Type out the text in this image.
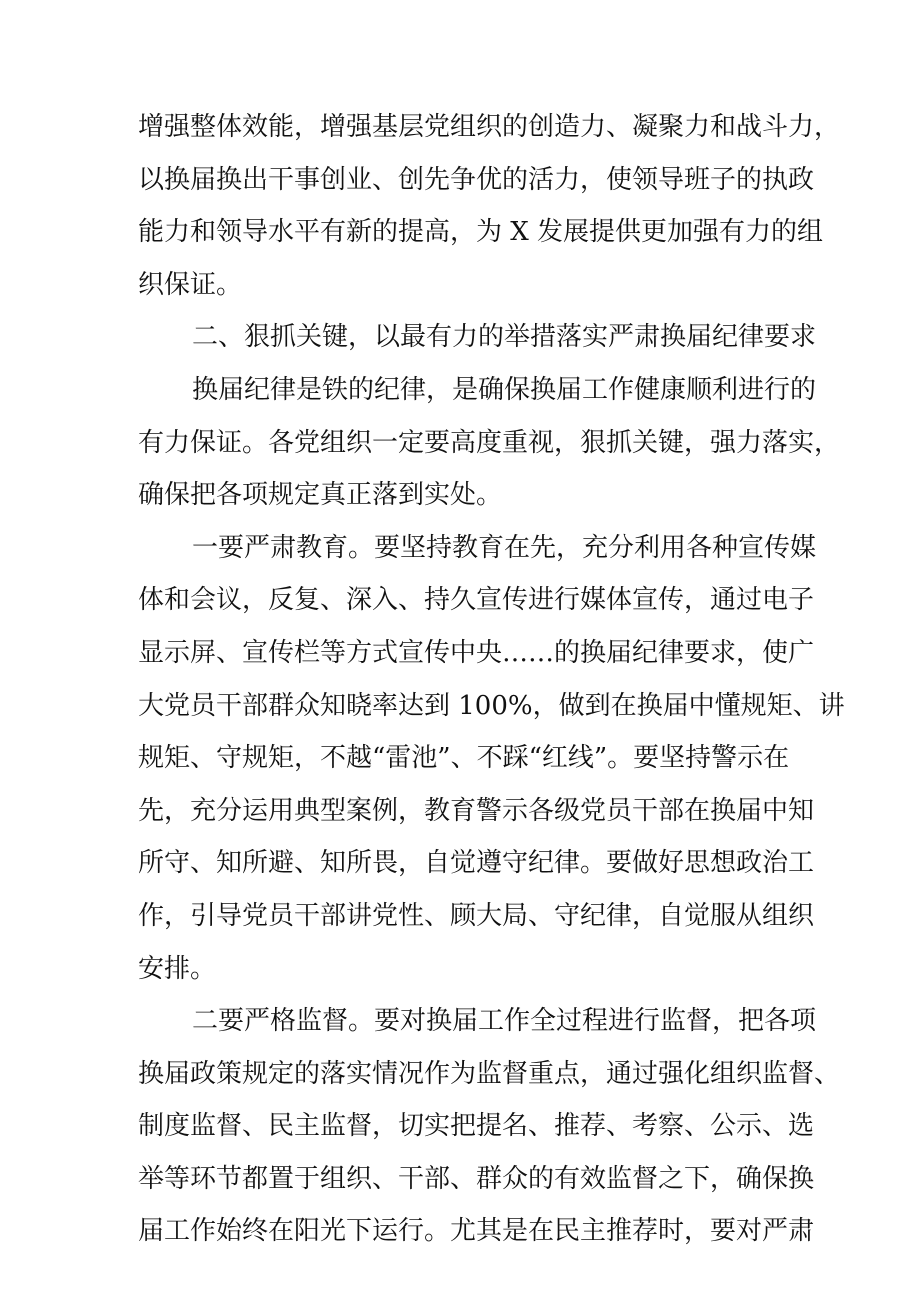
增强整体效能，增强基层党组织的创造力、凝聚力和战斗力，
以换届换出干事创业、创先争优的活力，使领导班子的执政
能力和领导水平有新的提高，为 X 发展提供更加强有力的组
织保证。
二、狠抓关键，以最有力的举措落实严肃换届纪律要求
换届纪律是铁的纪律，是确保换届工作健康顺利进行的
有力保证。各党组织一定要高度重视，狠抓关键，强力落实，
确保把各项规定真正落到实处。
一要严肃教育。要坚持教育在先，充分利用各种宣传媒
体和会议，反复、深入、持久宣传进行媒体宣传，通过电子
显示屏、宣传栏等方式宣传中央……的换届纪律要求，使广
大党员干部群众知晓率达到 100%，做到在换届中懂规矩、讲
规矩、守规矩，不越“雷池”、不踩“红线”。要坚持警示在
先，充分运用典型案例，教育警示各级党员干部在换届中知
所守、知所避、知所畏，自觉遵守纪律。要做好思想政治工
作，引导党员干部讲党性、顾大局、守纪律，自觉服从组织
安排。
二要严格监督。要对换届工作全过程进行监督，把各项
换届政策规定的落实情况作为监督重点，通过强化组织监督、
制度监督、民主监督，切实把提名、推荐、考察、公示、选
举等环节都置于组织、干部、群众的有效监督之下，确保换
届工作始终在阳光下运行。尤其是在民主推荐时，要对严肃
